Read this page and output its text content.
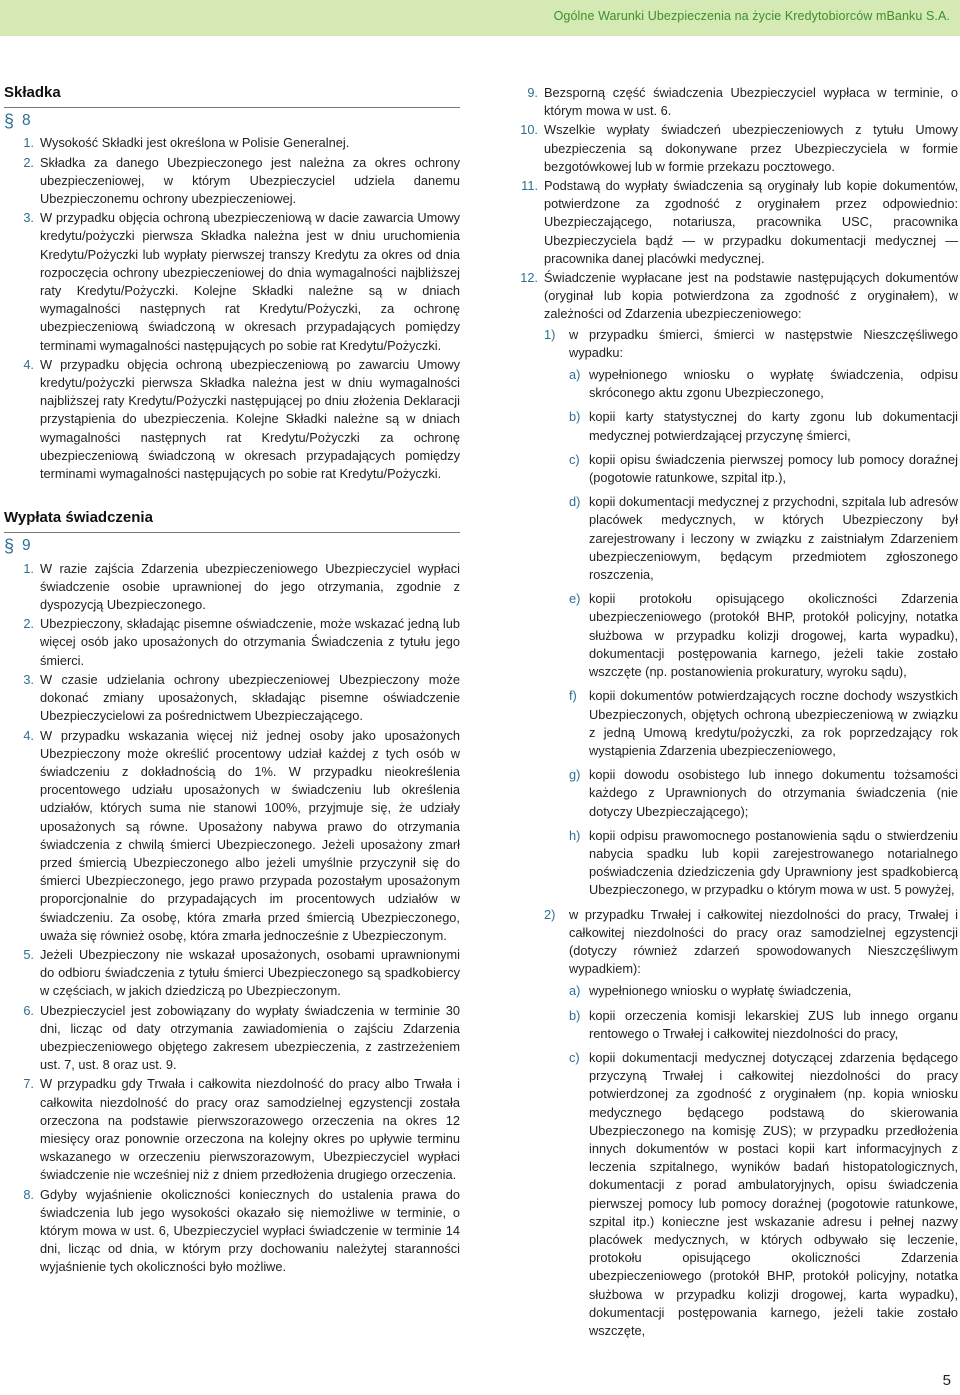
Ogólne Warunki Ubezpieczenia na życie Kredytobiorców mBanku S.A.
Składka
§ 8
1. Wysokość Składki jest określona w Polisie Generalnej.
2. Składka za danego Ubezpieczonego jest należna za okres ochrony ubezpieczeniowej, w którym Ubezpieczyciel udziela danemu Ubezpieczonemu ochrony ubezpieczeniowej.
3. W przypadku objęcia ochroną ubezpieczeniową w dacie zawarcia Umowy kredytu/pożyczki pierwsza Składka należna jest w dniu uruchomienia Kredytu/Pożyczki lub wypłaty pierwszej transzy Kredytu za okres od dnia rozpoczęcia ochrony ubezpieczeniowej do dnia wymagalności najbliższej raty Kredytu/Pożyczki. Kolejne Składki należne są w dniach wymagalności następnych rat Kredytu/Pożyczki, za ochronę ubezpieczeniową świadczoną w okresach przypadających pomiędzy terminami wymagalności następujących po sobie rat Kredytu/Pożyczki.
4. W przypadku objęcia ochroną ubezpieczeniową po zawarciu Umowy kredytu/pożyczki pierwsza Składka należna jest w dniu wymagalności najbliższej raty Kredytu/Pożyczki następującej po dniu złożenia Deklaracji przystąpienia do ubezpieczenia. Kolejne Składki należne są w dniach wymagalności następnych rat Kredytu/Pożyczki za ochronę ubezpieczeniową świadczoną w okresach przypadających pomiędzy terminami wymagalności następujących po sobie rat Kredytu/Pożyczki.
Wypłata świadczenia
§ 9
1. W razie zajścia Zdarzenia ubezpieczeniowego Ubezpieczyciel wypłaci świadczenie osobie uprawnionej do jego otrzymania, zgodnie z dyspozycją Ubezpieczonego.
2. Ubezpieczony, składając pisemne oświadczenie, może wskazać jedną lub więcej osób jako uposażonych do otrzymania Świadczenia z tytułu jego śmierci.
3. W czasie udzielania ochrony ubezpieczeniowej Ubezpieczony może dokonać zmiany uposażonych, składając pisemne oświadczenie Ubezpieczycielowi za pośrednictwem Ubezpieczającego.
4. W przypadku wskazania więcej niż jednej osoby jako uposażonych Ubezpieczony może określić procentowy udział każdej z tych osób w świadczeniu z dokładnością do 1%. W przypadku nieokreślenia procentowego udziału uposażonych w świadczeniu lub określenia udziałów, których suma nie stanowi 100%, przyjmuje się, że udziały uposażonych są równe. Uposażony nabywa prawo do otrzymania świadczenia z chwilą śmierci Ubezpieczonego. Jeżeli uposażony zmarł przed śmiercią Ubezpieczonego albo jeżeli umyślnie przyczynił się do śmierci Ubezpieczonego, jego prawo przypada pozostałym uposażonym proporcjonalnie do przypadających im procentowych udziałów w świadczeniu. Za osobę, która zmarła przed śmiercią Ubezpieczonego, uważa się również osobę, która zmarła jednocześnie z Ubezpieczonym.
5. Jeżeli Ubezpieczony nie wskazał uposażonych, osobami uprawnionymi do odbioru świadczenia z tytułu śmierci Ubezpieczonego są spadkobiercy w częściach, w jakich dziedziczą po Ubezpieczonym.
6. Ubezpieczyciel jest zobowiązany do wypłaty świadczenia w terminie 30 dni, licząc od daty otrzymania zawiadomienia o zajściu Zdarzenia ubezpieczeniowego objętego zakresem ubezpieczenia, z zastrzeżeniem ust. 7, ust. 8 oraz ust. 9.
7. W przypadku gdy Trwała i całkowita niezdolność do pracy albo Trwała i całkowita niezdolność do pracy oraz samodzielnej egzystencji została orzeczona na podstawie pierwszorazowego orzeczenia na okres 12 miesięcy oraz ponownie orzeczona na kolejny okres po upływie terminu wskazanego w orzeczeniu pierwszorazowym, Ubezpieczyciel wypłaci świadczenie nie wcześniej niż z dniem przedłożenia drugiego orzeczenia.
8. Gdyby wyjaśnienie okoliczności koniecznych do ustalenia prawa do świadczenia lub jego wysokości okazało się niemożliwe w terminie, o którym mowa w ust. 6, Ubezpieczyciel wypłaci świadczenie w terminie 14 dni, licząc od dnia, w którym przy dochowaniu należytej staranności wyjaśnienie tych okoliczności było możliwe.
9. Bezsporną część świadczenia Ubezpieczyciel wypłaca w terminie, o którym mowa w ust. 6.
10. Wszelkie wypłaty świadczeń ubezpieczeniowych z tytułu Umowy ubezpieczenia są dokonywane przez Ubezpieczyciela w formie bezgotówkowej lub w formie przekazu pocztowego.
11. Podstawą do wypłaty świadczenia są oryginały lub kopie dokumentów, potwierdzone za zgodność z oryginałem przez odpowiednio: Ubezpieczającego, notariusza, pracownika USC, pracownika Ubezpieczyciela bądź — w przypadku dokumentacji medycznej — pracownika danej placówki medycznej.
12. Świadczenie wypłacane jest na podstawie następujących dokumentów (oryginał lub kopia potwierdzona za zgodność z oryginałem), w zależności od Zdarzenia ubezpieczeniowego:
1) w przypadku śmierci, śmierci w następstwie Nieszczęśliwego wypadku:
a) wypełnionego wniosku o wypłatę świadczenia, odpisu skróconego aktu zgonu Ubezpieczonego,
b) kopii karty statystycznej do karty zgonu lub dokumentacji medycznej potwierdzającej przyczynę śmierci,
c) kopii opisu świadczenia pierwszej pomocy lub pomocy doraźnej (pogotowie ratunkowe, szpital itp.),
d) kopii dokumentacji medycznej z przychodni, szpitala lub adresów placówek medycznych, w których Ubezpieczony był zarejestrowany i leczony w związku z zaistniałym Zdarzeniem ubezpieczeniowym, będącym przedmiotem zgłoszonego roszczenia,
e) kopii protokołu opisującego okoliczności Zdarzenia ubezpieczeniowego (protokół BHP, protokół policyjny, notatka służbowa w przypadku kolizji drogowej, karta wypadku), dokumentacji postępowania karnego, jeżeli takie zostało wszczęte (np. postanowienia prokuratury, wyroku sądu),
f) kopii dokumentów potwierdzających roczne dochody wszystkich Ubezpieczonych, objętych ochroną ubezpieczeniową w związku z jedną Umową kredytu/pożyczki, za rok poprzedzający rok wystąpienia Zdarzenia ubezpieczeniowego,
g) kopii dowodu osobistego lub innego dokumentu tożsamości każdego z Uprawnionych do otrzymania świadczenia (nie dotyczy Ubezpieczającego);
h) kopii odpisu prawomocnego postanowienia sądu o stwierdzeniu nabycia spadku lub kopii zarejestrowanego notarialnego poświadczenia dziedziczenia gdy Uprawniony jest spadkobiercą Ubezpieczonego, w przypadku o którym mowa w ust. 5 powyżej,
2) w przypadku Trwałej i całkowitej niezdolności do pracy, Trwałej i całkowitej niezdolności do pracy oraz samodzielnej egzystencji (dotyczy również zdarzeń spowodowanych Nieszczęśliwym wypadkiem):
a) wypełnionego wniosku o wypłatę świadczenia,
b) kopii orzeczenia komisji lekarskiej ZUS lub innego organu rentowego o Trwałej i całkowitej niezdolności do pracy,
c) kopii dokumentacji medycznej dotyczącej zdarzenia będącego przyczyną Trwałej i całkowitej niezdolności do pracy potwierdzonej za zgodność z oryginałem (np. kopia wniosku medycznego będącego podstawą do skierowania Ubezpieczonego na komisję ZUS); w przypadku przedłożenia innych dokumentów w postaci kopii kart informacyjnych z leczenia szpitalnego, wyników badań histopatologicznych, dokumentacji z porad ambulatoryjnych, opisu świadczenia pierwszej pomocy lub pomocy doraźnej (pogotowie ratunkowe, szpital itp.) konieczne jest wskazanie adresu i pełnej nazwy placówek medycznych, w których odbywało się leczenie, protokołu opisującego okoliczności Zdarzenia ubezpieczeniowego (protokół BHP, protokół policyjny, notatka służbowa w przypadku kolizji drogowej, karta wypadku), dokumentacji postępowania karnego, jeżeli takie zostało wszczęte,
5
